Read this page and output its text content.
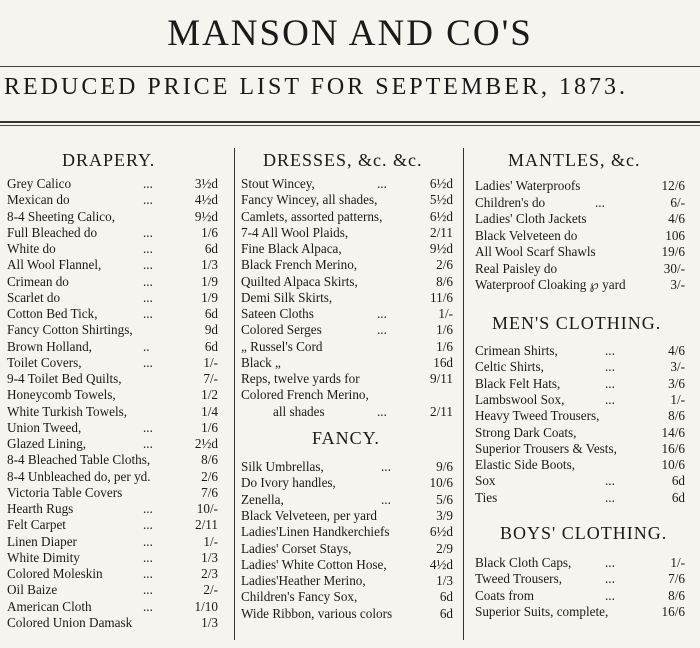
MANSON AND CO'S
REDUCED PRICE LIST FOR SEPTEMBER, 1873.
DRAPERY.
Grey Calico	...	3½d
Mexican do	...	4½d
8-4 Sheeting Calico,	9½d
Full Bleached do	...	1/6
White do	...	6d
All Wool Flannel,	...	1/3
Crimean do	...	1/9
Scarlet do	...	1/9
Cotton Bed Tick,	...	6d
Fancy Cotton Shirtings,	9d
Brown Holland,	..	6d
Toilet Covers,	...	1/-
9-4 Toilet Bed Quilts,	7/-
Honeycomb Towels,	1/2
White Turkish Towels,	1/4
Union Tweed,	...	1/6
Glazed Lining,	...	2½d
8-4 Bleached Table Cloths,	8/6
8-4 Unbleached do, per yd.	2/6
Victoria Table Covers	7/6
Hearth Rugs	...	10/-
Felt Carpet	...	2/11
Linen Diaper	...	1/-
White Dimity	...	1/3
Colored Moleskin	...	2/3
Oil Baize	...	2/-
American Cloth	...	1/10
Colored Union Damask	1/3
DRESSES, &c. &c.
Stout Wincey,	...	6½d
Fancy Wincey, all shades,	5½d
Camlets, assorted patterns,	6½d
7-4 All Wool Plaids,	2/11
Fine Black Alpaca,	9½d
Black French Merino,	2/6
Quilted Alpaca Skirts,	8/6
Demi Silk Skirts,	11/6
Sateen Cloths	...	1/-
Colored Serges	...	1/6
„ Russel's Cord	1/6
Black „	16d
Reps, twelve yards for	9/11
Colored French Merino,
all shades	...	2/11
FANCY.
Silk Umbrellas,	...	9/6
Do Ivory handles,	10/6
Zenella,	...	5/6
Black Velveteen, per yard	3/9
Ladies'Linen Handkerchiefs	6½d
Ladies' Corset Stays,	2/9
Ladies' White Cotton Hose,	4½d
Ladies'Heather Merino,	1/3
Children's Fancy Sox,	6d
Wide Ribbon, various colors	6d
MANTLES, &c.
Ladies' Waterproofs	12/6
Children's do	...	6/-
Ladies' Cloth Jackets	4/6
Black Velveteen do	106
All Wool Scarf Shawls	19/6
Real Paisley do	30/-
Waterproof Cloaking ℘ yard	3/-
MEN'S CLOTHING.
Crimean Shirts,	...	4/6
Celtic Shirts,	...	3/-
Black Felt Hats,	...	3/6
Lambswool Sox,	...	1/-
Heavy Tweed Trousers,	8/6
Strong Dark Coats,	14/6
Superior Trousers & Vests,	16/6
Elastic Side Boots,	10/6
Sox	...	6d
Ties	...	6d
BOYS' CLOTHING.
Black Cloth Caps,	...	1/-
Tweed Trousers,	...	7/6
Coats from	...	8/6
Superior Suits, complete,	16/6
